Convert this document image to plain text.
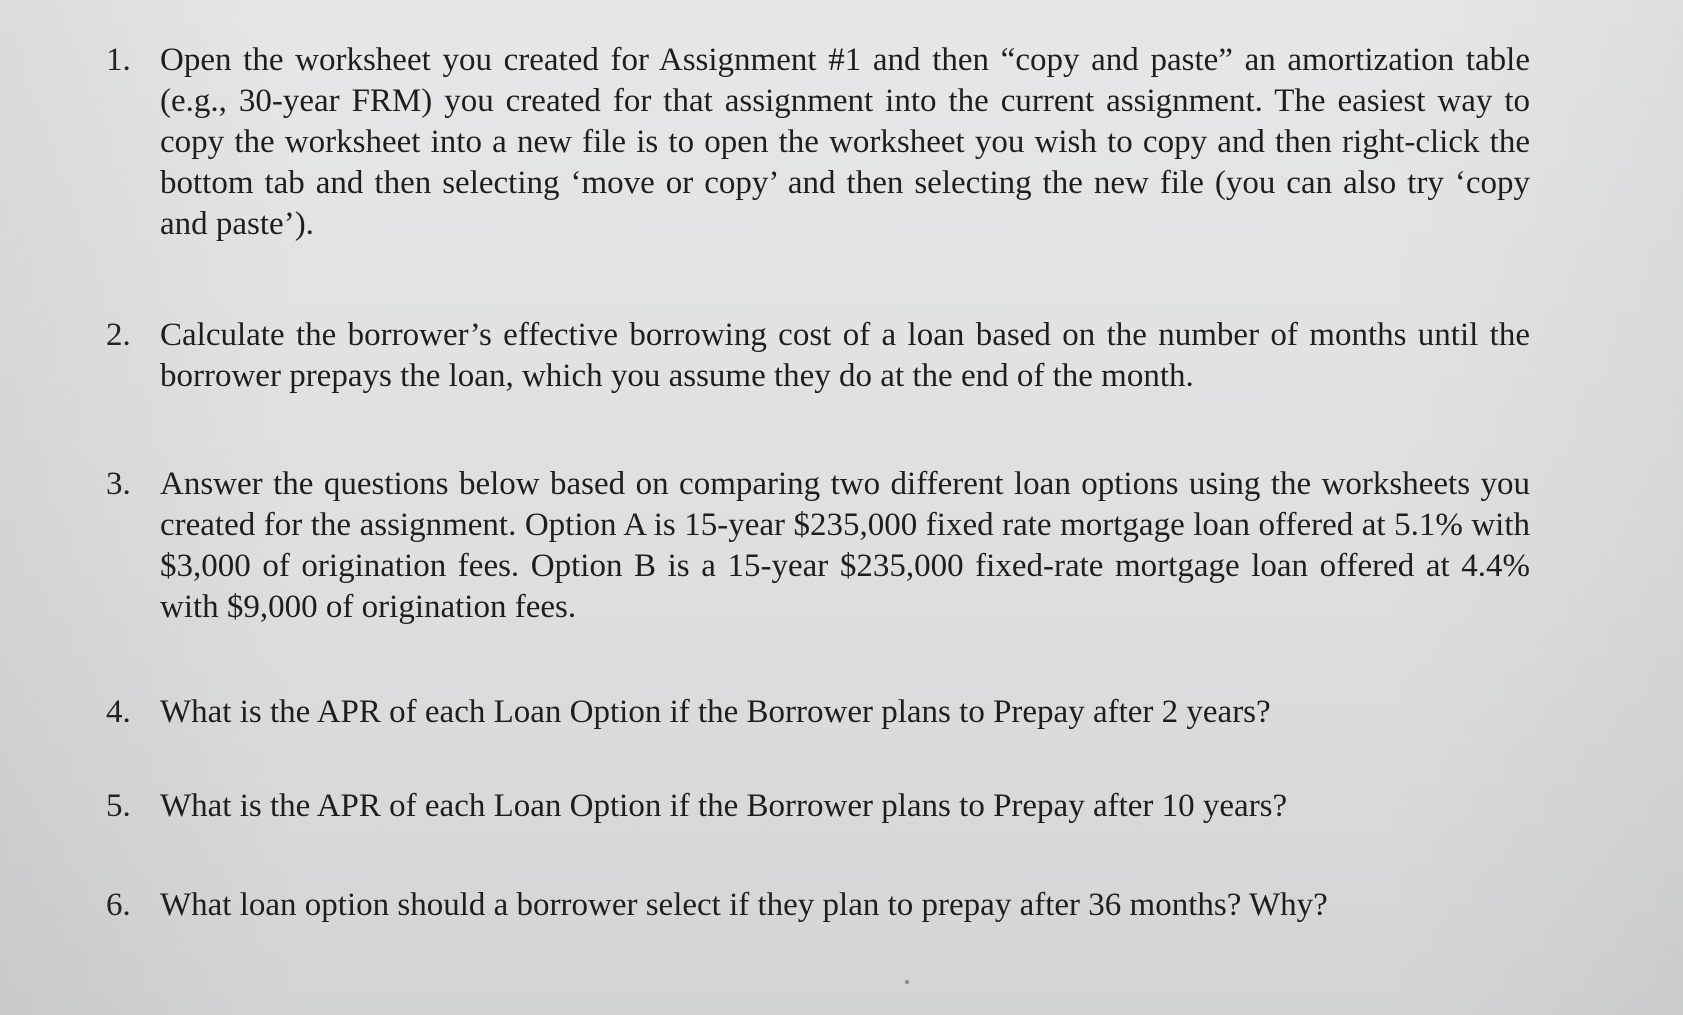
1. Open the worksheet you created for Assignment #1 and then “copy and paste” an amortization table (e.g., 30-year FRM) you created for that assignment into the current assignment. The easiest way to copy the worksheet into a new file is to open the worksheet you wish to copy and then right-click the bottom tab and then selecting ‘move or copy’ and then selecting the new file (you can also try ‘copy and paste’).
2. Calculate the borrower’s effective borrowing cost of a loan based on the number of months until the borrower prepays the loan, which you assume they do at the end of the month.
3. Answer the questions below based on comparing two different loan options using the worksheets you created for the assignment. Option A is 15-year $235,000 fixed rate mortgage loan offered at 5.1% with $3,000 of origination fees. Option B is a 15-year $235,000 fixed-rate mortgage loan offered at 4.4% with $9,000 of origination fees.
4. What is the APR of each Loan Option if the Borrower plans to Prepay after 2 years?
5. What is the APR of each Loan Option if the Borrower plans to Prepay after 10 years?
6. What loan option should a borrower select if they plan to prepay after 36 months? Why?
